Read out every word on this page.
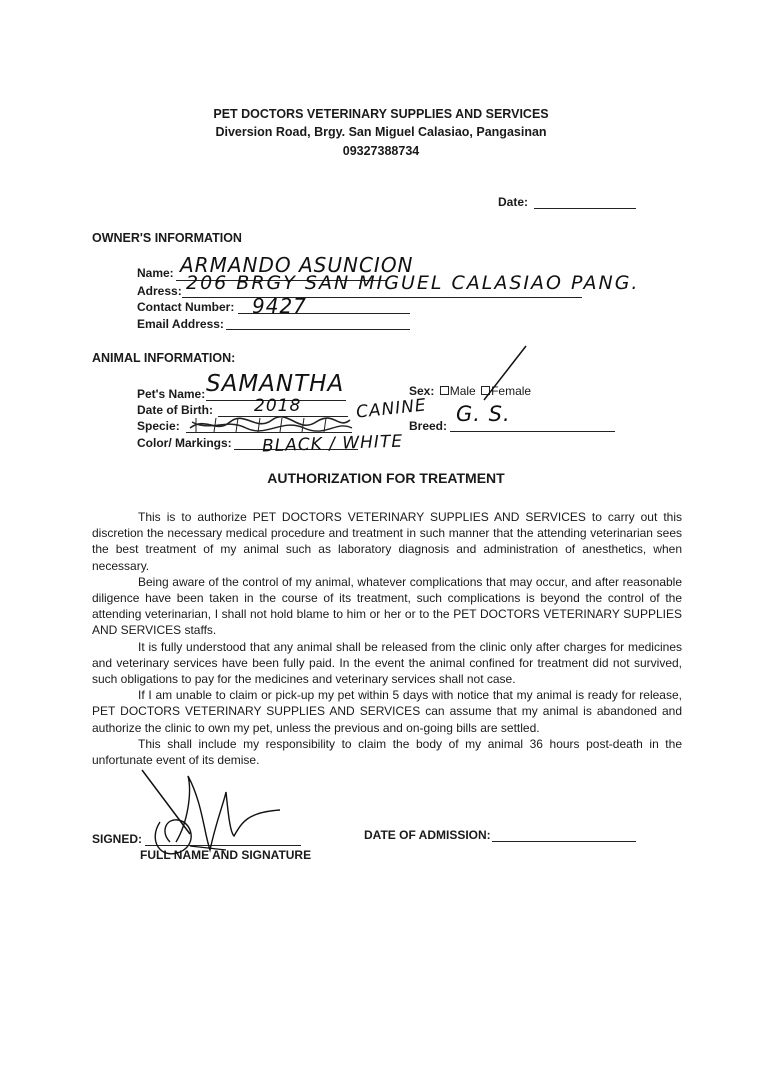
PET DOCTORS VETERINARY SUPPLIES AND SERVICES
Diversion Road, Brgy. San Miguel Calasiao, Pangasinan
09327388734
Date:
OWNER'S INFORMATION
Name: ARMANDO ASUNCION
Adress: 206 BRGY SAN MIGUEL CALASIAO PANG.
Contact Number: 9427
Email Address:
ANIMAL INFORMATION:
Pet's Name: SAMANTHA
Date of Birth: 2018
Specie:
CANINE
Color/ Markings: BLACK / WHITE
Sex: Male Female
Breed: G. S.
AUTHORIZATION FOR TREATMENT

This is to authorize PET DOCTORS VETERINARY SUPPLIES AND SERVICES to carry out this discretion the necessary medical procedure and treatment in such manner that the attending veterinarian sees the best treatment of my animal such as laboratory diagnosis and administration of anesthetics, when necessary.

Being aware of the control of my animal, whatever complications that may occur, and after reasonable diligence have been taken in the course of its treatment, such complications is beyond the control of the attending veterinarian, I shall not hold blame to him or her or to the PET DOCTORS VETERINARY SUPPLIES AND SERVICES staffs.

It is fully understood that any animal shall be released from the clinic only after charges for medicines and veterinary services have been fully paid. In the event the animal confined for treatment did not survived, such obligations to pay for the medicines and veterinary services shall not case.

If I am unable to claim or pick-up my pet within 5 days with notice that my animal is ready for release, PET DOCTORS VETERINARY SUPPLIES AND SERVICES can assume that my animal is abandoned and authorize the clinic to own my pet, unless the previous and on-going bills are settled.

This shall include my responsibility to claim the body of my animal 36 hours post-death in the unfortunate event of its demise.

SIGNED:
FULL NAME AND SIGNATURE
DATE OF ADMISSION:
